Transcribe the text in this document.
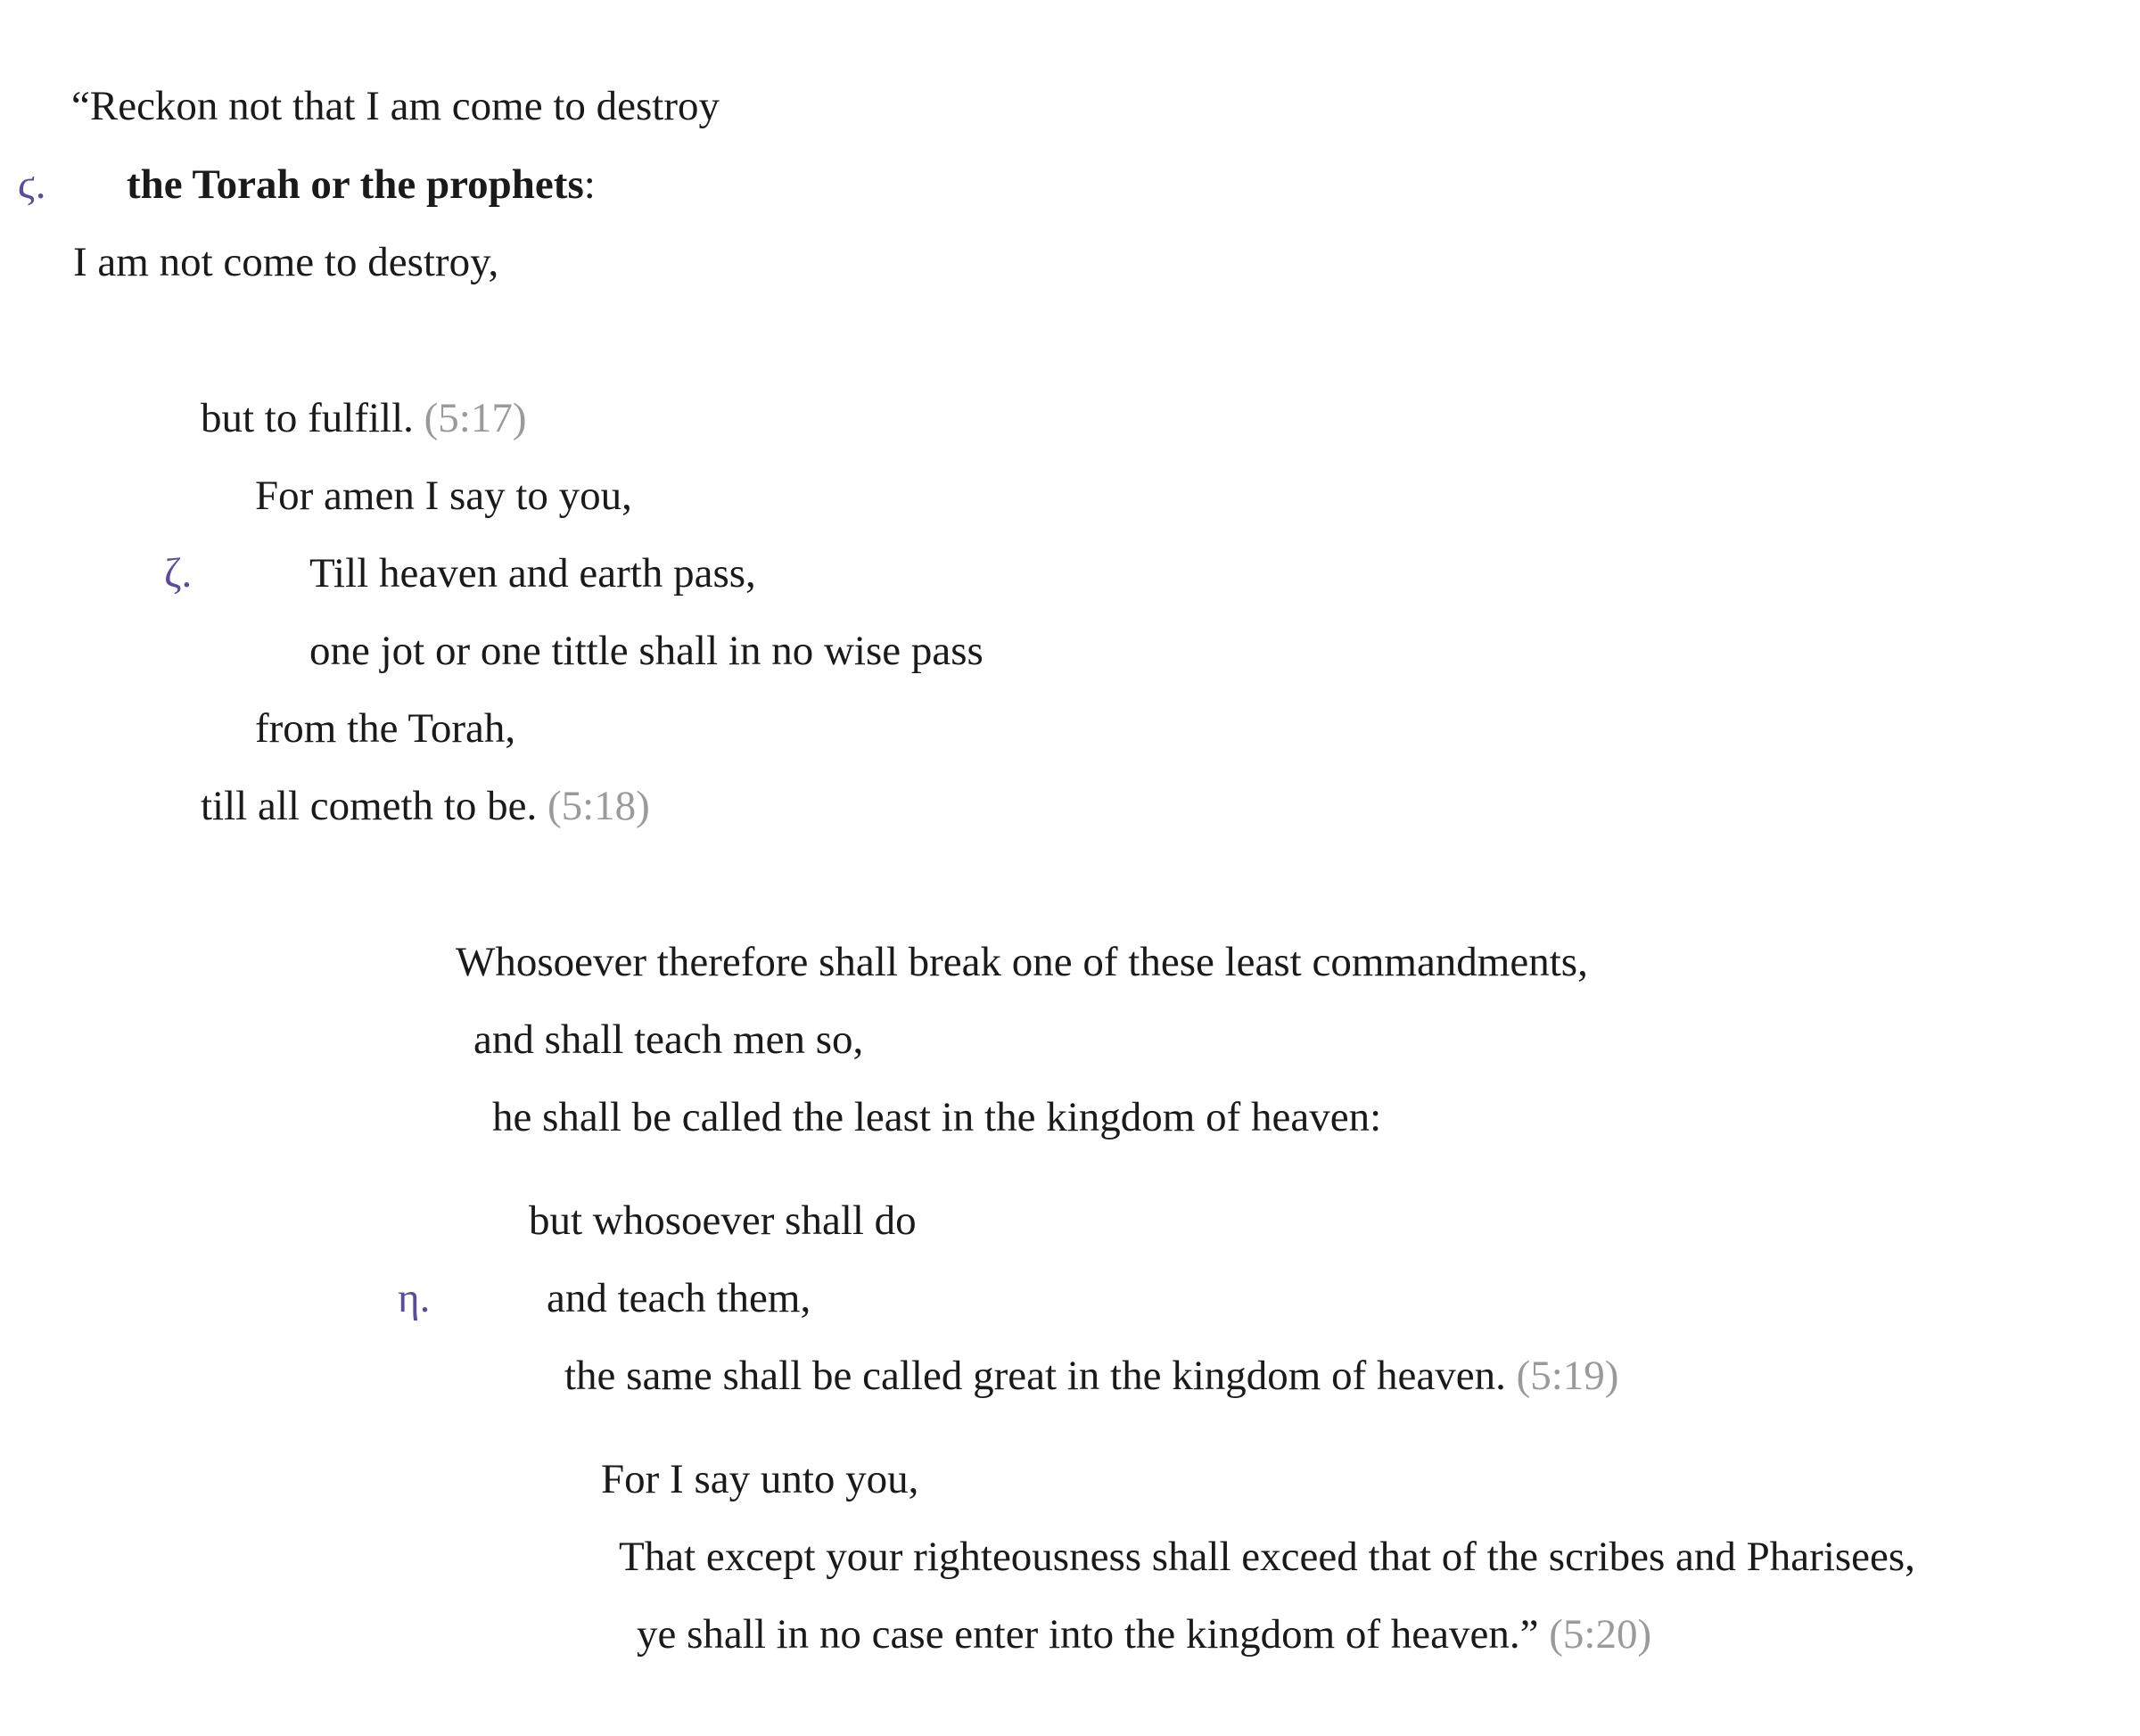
“Reckon not that I am come to destroy
ϛ. the Torah or the prophets:
I am not come to destroy,
but to fulfill. (5:17)
For amen I say to you,
ζ.	Till heaven and earth pass,
one jot or one tittle shall in no wise pass
from the Torah,
till all cometh to be. (5:18)
Whosoever therefore shall break one of these least commandments,
and shall teach men so,
he shall be called the least in the kingdom of heaven:
but whosoever shall do
η.	and teach them,
the same shall be called great in the kingdom of heaven. (5:19)
For I say unto you,
That except your righteousness shall exceed that of the scribes and Pharisees,
ye shall in no case enter into the kingdom of heaven.” (5:20)
